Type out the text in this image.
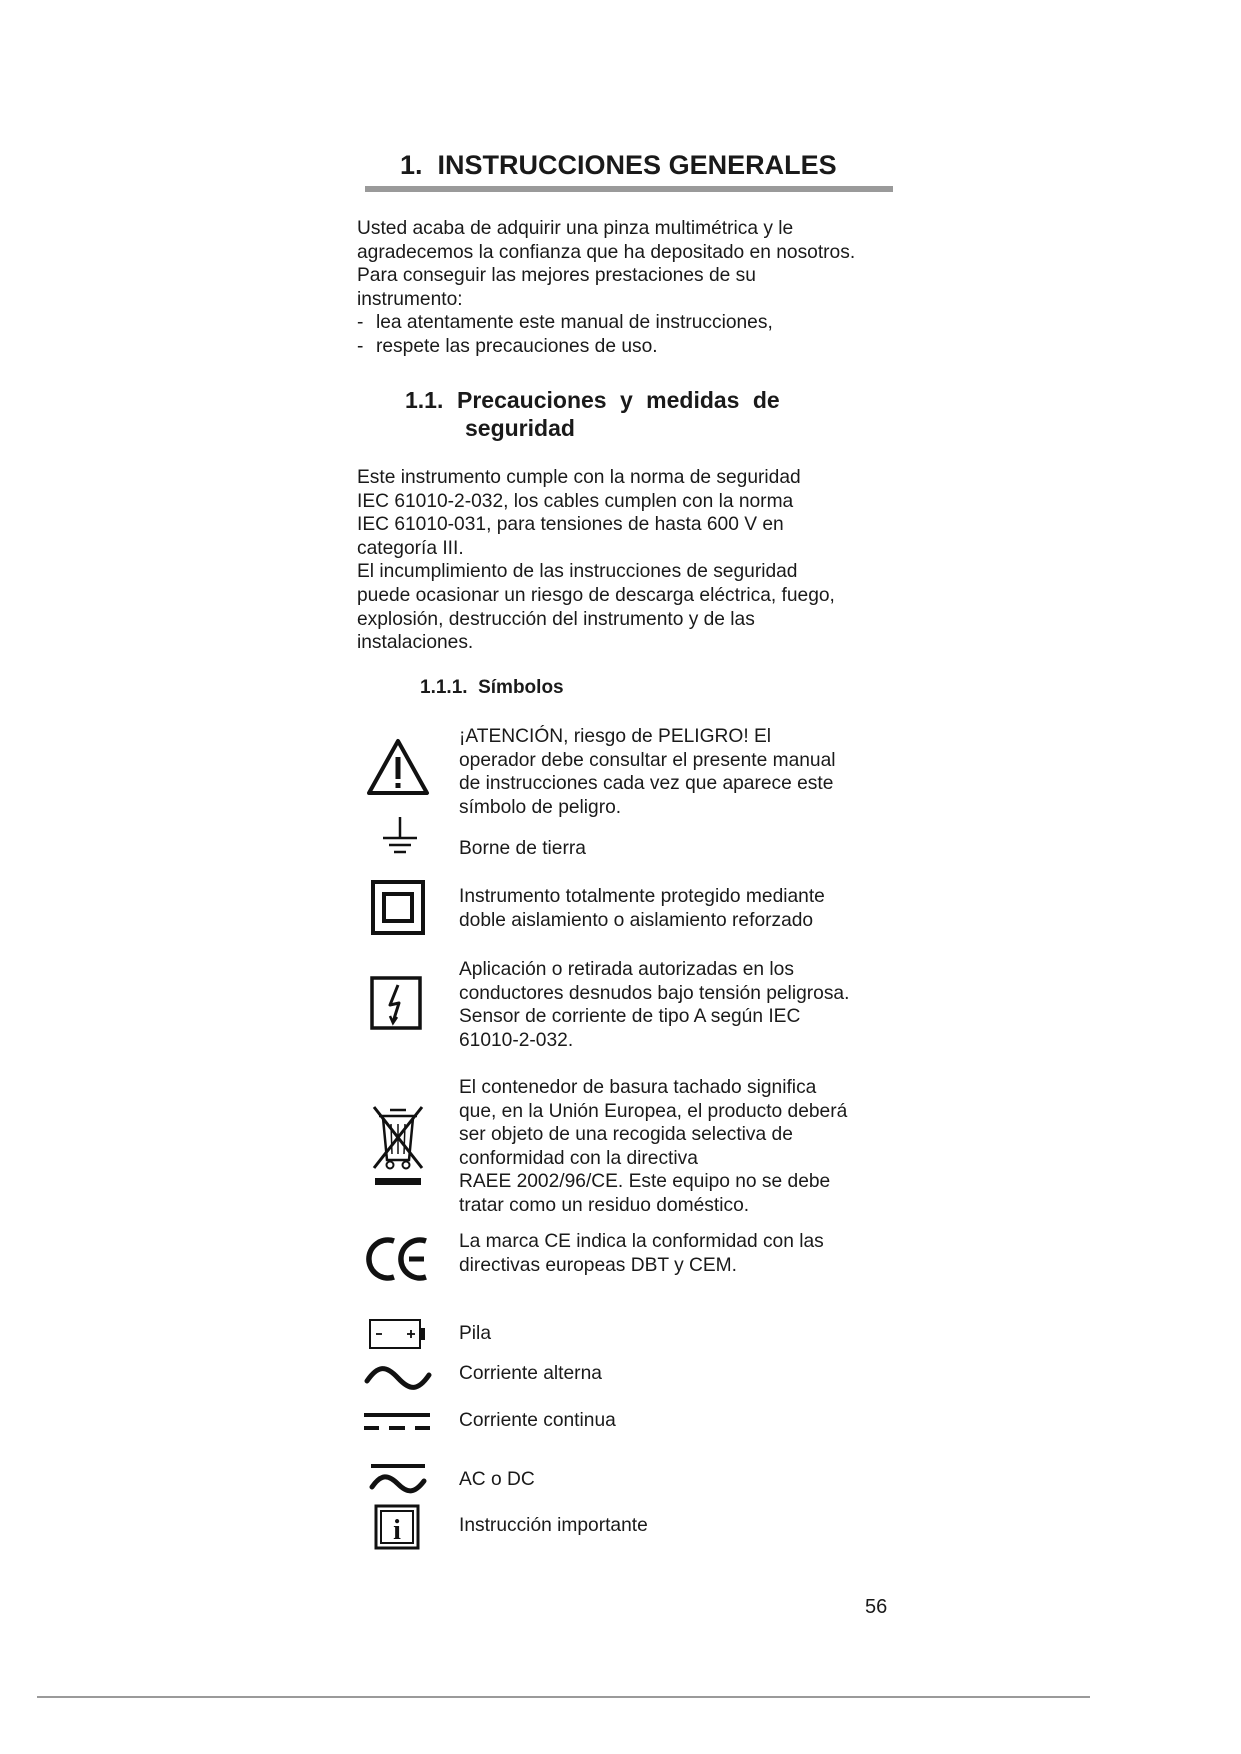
1. INSTRUCCIONES GENERALES
Usted acaba de adquirir una pinza multimétrica y le
agradecemos la confianza que ha depositado en nosotros.
Para conseguir las mejores prestaciones de su
instrumento:
- lea atentamente este manual de instrucciones,
- respete las precauciones de uso.
1.1. Precauciones y medidas de
seguridad
Este instrumento cumple con la norma de seguridad
IEC 61010-2-032, los cables cumplen con la norma
IEC 61010-031, para tensiones de hasta 600 V en
categoría III.
El incumplimiento de las instrucciones de seguridad
puede ocasionar un riesgo de descarga eléctrica, fuego,
explosión, destrucción del instrumento y de las
instalaciones.
1.1.1. Símbolos
¡ATENCIÓN, riesgo de PELIGRO! El
operador debe consultar el presente manual
de instrucciones cada vez que aparece este
símbolo de peligro.
Borne de tierra
Instrumento totalmente protegido mediante
doble aislamiento o aislamiento reforzado
Aplicación o retirada autorizadas en los
conductores desnudos bajo tensión peligrosa.
Sensor de corriente de tipo A según IEC
61010-2-032.
El contenedor de basura tachado significa
que, en la Unión Europea, el producto deberá
ser objeto de una recogida selectiva de
conformidad con la directiva
RAEE 2002/96/CE. Este equipo no se debe
tratar como un residuo doméstico.
La marca CE indica la conformidad con las
directivas europeas DBT y CEM.
Pila
Corriente alterna
Corriente continua
AC o DC
i	Instrucción importante
56
